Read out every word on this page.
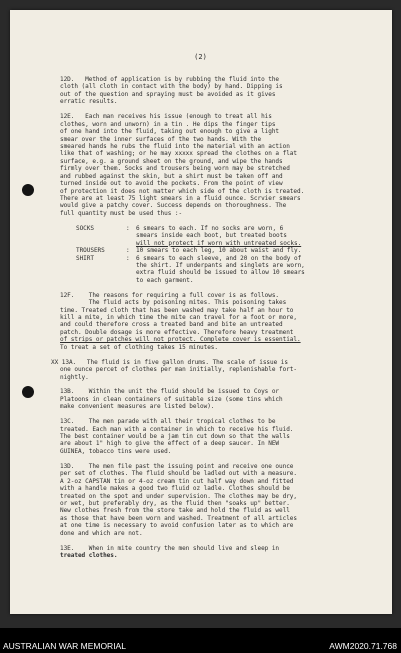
(2)
12D.   Method of application is by rubbing the fluid into the
cloth (all cloth in contact with the body) by hand. Dipping is
out of the question and spraying must be avoided as it gives
erratic results.
12E.   Each man receives his issue (enough to treat all his
clothes, worn and unworn) in a tin . He dips the finger tips
of one hand into the fluid, taking out enough to give a light
smear over the inner surfaces of the two hands. With the
smeared hands he rubs the fluid into the material with an action
like that of washing; or he may xxxxx spread the clothes on a flat
surface, e.g. a ground sheet on the ground, and wipe the hands
firmly over them. Socks and trousers being worn may be stretched
and rubbed against the skin, but a shirt must be taken off and
turned inside out to avoid the pockets. From the point of view
of protection it does not matter which side of the cloth is treated.
There are at least 75 light smears in a fluid ounce. Scrvier smears
would give a patchy cover. Success depends on thoroughness. The
full quantity must be used thus :-
SOCKS	:	6 smears to each. If no socks are worn, 6
smears inside each boot, but treated boots
will not protect if worn with untreated socks.
TROUSERS	:	10 smears to each leg, 10 about waist and fly.
SHIRT	:	6 smears to each sleeve, and 20 on the body of
the shirt. If underpants and singlets are worn,
extra fluid should be issued to allow 10 smears
to each garment.
12F.    The reasons for requiring a full cover is as follows.
The fluid acts by poisoning mites. This poisoning takes
time. Treated cloth that has been washed may take half an hour to
kill a mite, in which time the mite can travel for a foot or more,
and could therefore cross a treated band and bite an untreated
patch. Double dosage is more effective. Therefore heavy treatment
of strips or patches will not protect. Complete cover is essential.
To treat a set of clothing takes 15 minutes.
XX 13A.   The fluid is in five gallon drums. The scale of issue is
one ounce percet of clothes per man initially, replenishable fort-
nightly.
13B.    Within the unit the fluid should be issued to Coys or
Platoons in clean containers of suitable size (some tins which
make convenient measures are listed below).
13C.    The men parade with all their tropical clothes to be
treated. Each man with a container in which to receive his fluid.
The best container would be a jam tin cut down so that the walls
are about 1" high to give the effect of a deep saucer. In NEW
GUINEA, tobacco tins were used.
13D.    The men file past the issuing point and receive one ounce
per set of clothes. The fluid should be ladled out with a measure.
A 2-oz CAPSTAN tin or 4-oz cream tin cut half way down and fitted
with a handle makes a good two fluid oz ladle. Clothes should be
treated on the spot and under supervision. The clothes may be dry,
or wet, but preferably dry, as the fluid then "soaks up" better.
New clothes fresh from the store take and hold the fluid as well
as those that have been worn and washed. Treatment of all articles
at one time is necessary to avoid confusion later as to which are
done and which are not.
13E.    When in mite country the men should live and sleep in
treated clothes.
AUSTRALIAN WAR MEMORIAL	AWM2020.71.768
